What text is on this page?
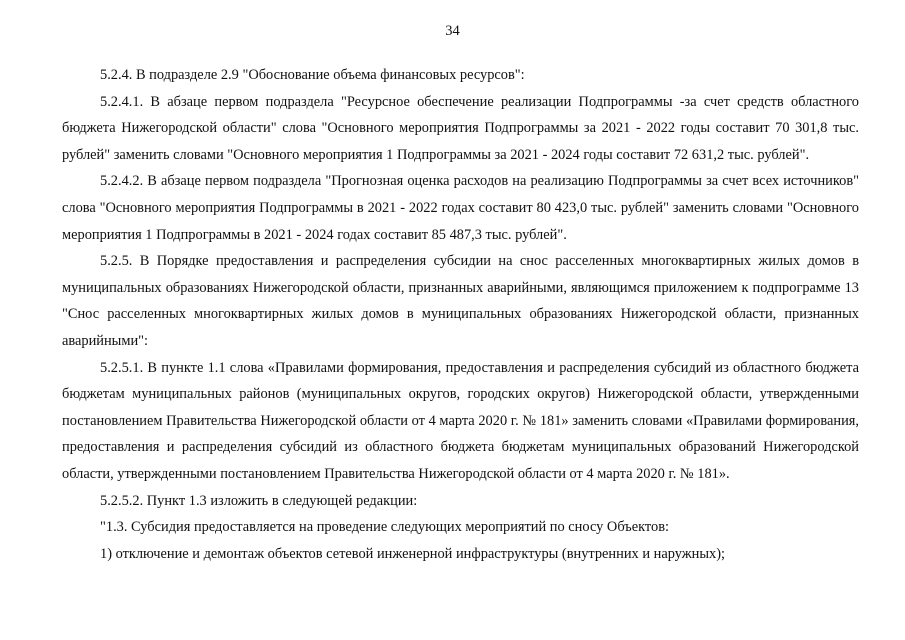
34

5.2.4. В подразделе 2.9 "Обоснование объема финансовых ресурсов":

5.2.4.1. В абзаце первом подраздела "Ресурсное обеспечение реализации Подпрограммы -за счет средств областного бюджета Нижегородской области" слова "Основного мероприятия Подпрограммы за 2021 - 2022 годы составит 70 301,8 тыс. рублей" заменить словами "Основного мероприятия 1 Подпрограммы за 2021 - 2024 годы составит 72 631,2 тыс. рублей".

5.2.4.2. В абзаце первом подраздела "Прогнозная оценка расходов на реализацию Подпрограммы за счет всех источников" слова "Основного мероприятия Подпрограммы в 2021 - 2022 годах составит 80 423,0 тыс. рублей" заменить словами "Основного мероприятия 1 Подпрограммы в 2021 - 2024 годах составит 85 487,3 тыс. рублей".

5.2.5. В Порядке предоставления и распределения субсидии на снос расселенных многоквартирных жилых домов в муниципальных образованиях Нижегородской области, признанных аварийными, являющимся приложением к подпрограмме 13 "Снос расселенных многоквартирных жилых домов в муниципальных образованиях Нижегородской области, признанных аварийными":

5.2.5.1. В пункте 1.1 слова «Правилами формирования, предоставления и распределения субсидий из областного бюджета бюджетам муниципальных районов (муниципальных округов, городских округов) Нижегородской области, утвержденными постановлением Правительства Нижегородской области от 4 марта 2020 г. № 181» заменить словами «Правилами формирования, предоставления и распределения субсидий из областного бюджета бюджетам муниципальных образований Нижегородской области, утвержденными постановлением Правительства Нижегородской области от 4 марта 2020 г. № 181».

5.2.5.2. Пункт 1.3 изложить в следующей редакции:

"1.3. Субсидия предоставляется на проведение следующих мероприятий по сносу Объектов:

1) отключение и демонтаж объектов сетевой инженерной инфраструктуры (внутренних и наружных);
